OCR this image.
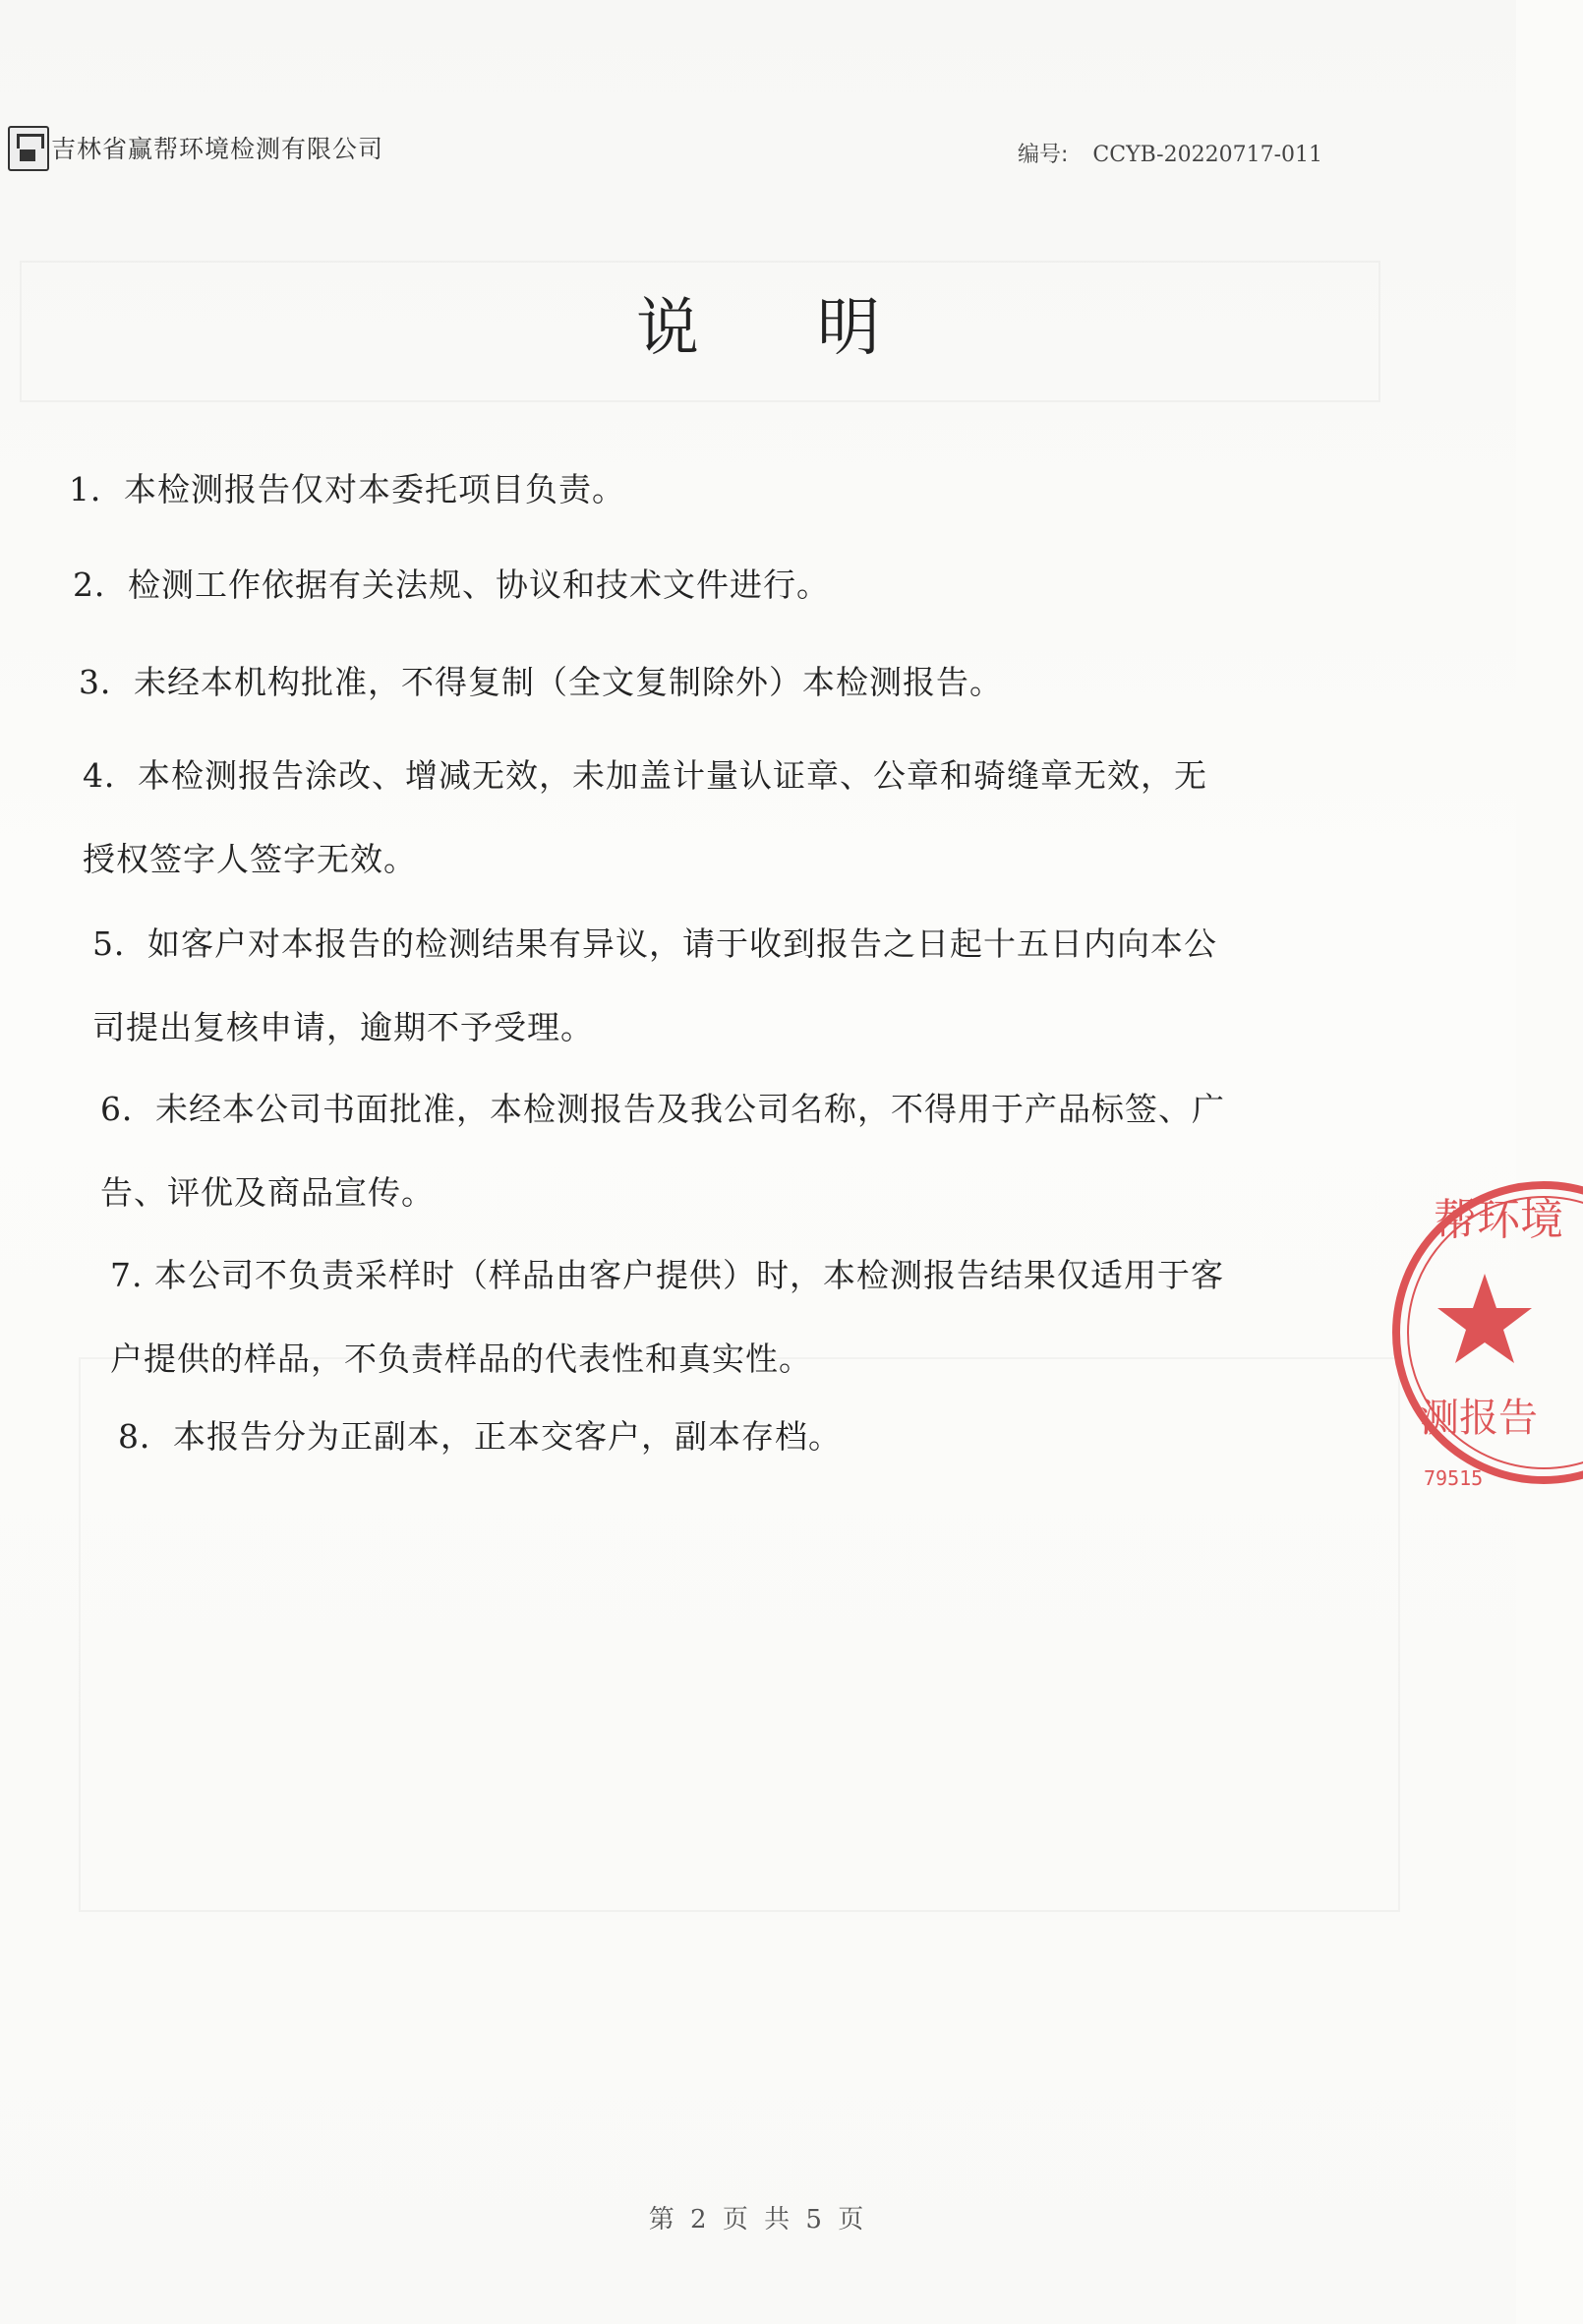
吉林省赢帮环境检测有限公司	编号: CCYB-20220717-011
说明
1．本检测报告仅对本委托项目负责。
2．检测工作依据有关法规、协议和技术文件进行。
3．未经本机构批准，不得复制（全文复制除外）本检测报告。
4．本检测报告涂改、增减无效，未加盖计量认证章、公章和骑缝章无效，无
授权签字人签字无效。
5．如客户对本报告的检测结果有异议，请于收到报告之日起十五日内向本公
司提出复核申请，逾期不予受理。
6．未经本公司书面批准，本检测报告及我公司名称，不得用于产品标签、广
告、评优及商品宣传。
7. 本公司不负责采样时（样品由客户提供）时，本检测报告结果仅适用于客
户提供的样品，不负责样品的代表性和真实性。
8．本报告分为正副本，正本交客户，副本存档。
帮环境
测报告
79515
第 2 页 共 5 页
